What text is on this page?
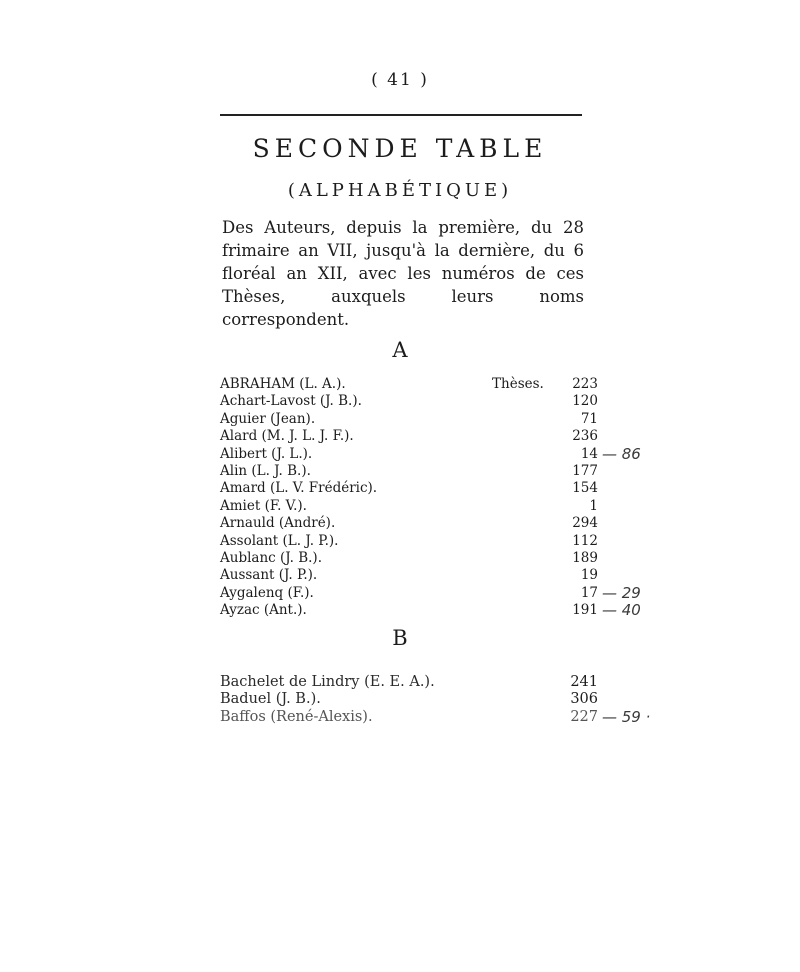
( 41 )
SECONDE TABLE
(ALPHABÉTIQUE)

Des Auteurs, depuis la première, du 28 frimaire an VII, jusqu'à la dernière, du 6 floréal an XII, avec les numéros de ces Thèses, auxquels leurs noms correspondent.

A
ABRAHAM (L. A.).	Thèses.	223
Achart-Lavost (J. B.).	120
Aguier (Jean).	71
Alard (M. J. L. J. F.).	236
Alibert (J. L.).	14 — 86
Alin (L. J. B.).	177
Amard (L. V. Frédéric).	154
Amiet (F. V.).	1
Arnauld (André).	294
Assolant (L. J. P.).	112
Aublanc (J. B.).	189
Aussant (J. P.).	19
Aygalenq (F.).	17 — 29
Ayzac (Ant.).	191 — 40
B
Bachelet de Lindry (E. E. A.).	241
Baduel (J. B.).	306
Baffos (René-Alexis).	227 — 59 ·
